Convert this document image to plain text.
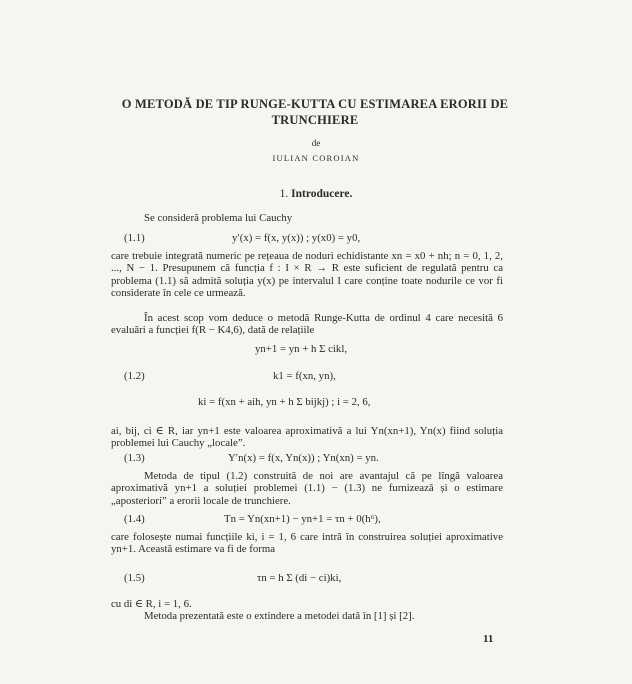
O METODĂ DE TIP RUNGE-KUTTA CU ESTIMAREA ERORII DE TRUNCHIERE
de
IULIAN COROIAN
1. Introducere.
Se consideră problema lui Cauchy
(1.1)	y′(x) = f(x, y(x)) ; y(x0) = y0,
care trebuie integrată numeric pe rețeaua de noduri echidistante xn = x0 + nh; n = 0, 1, 2, ..., N − 1. Presupunem că funcția f : I × R → R este suficient de regulată pentru ca problema (1.1) să admită soluția y(x) pe intervalul I care conține toate nodurile ce vor fi considerate în cele ce urmează.
În acest scop vom deduce o metodă Runge-Kutta de ordinul 4 care necesită 6 evaluări a funcției f(R − K4,6), dată de relațiile
yn+1 = yn + h Σ cikl,
(1.2)	k1 = f(xn, yn),
ki = f(xn + aih, yn + h Σ bijkj) ; i = 2, 6,
ai, bij, ci ∈ R, iar yn+1 este valoarea aproximativă a lui Yn(xn+1), Yn(x) fiind soluția problemei lui Cauchy „locale”.
(1.3)	Y′n(x) = f(x, Yn(x)) ; Yn(xn) = yn.
Metoda de tipul (1.2) construită de noi are avantajul că pe lîngă valoarea aproximativă yn+1 a soluției problemei (1.1) − (1.3) ne furnizează și o estimare „aposteriori” a erorii locale de trunchiere.
(1.4)	Tn = Yn(xn+1) − yn+1 = τn + 0(h⁶),
care folosește numai funcțiile ki, i = 1, 6 care intră în construirea soluției aproximative yn+1. Această estimare va fi de forma
(1.5)	τn = h Σ (di − ci)ki,
cu di ∈ R, i = 1, 6.
Metoda prezentată este o extindere a metodei dată în [1] și [2].
11
